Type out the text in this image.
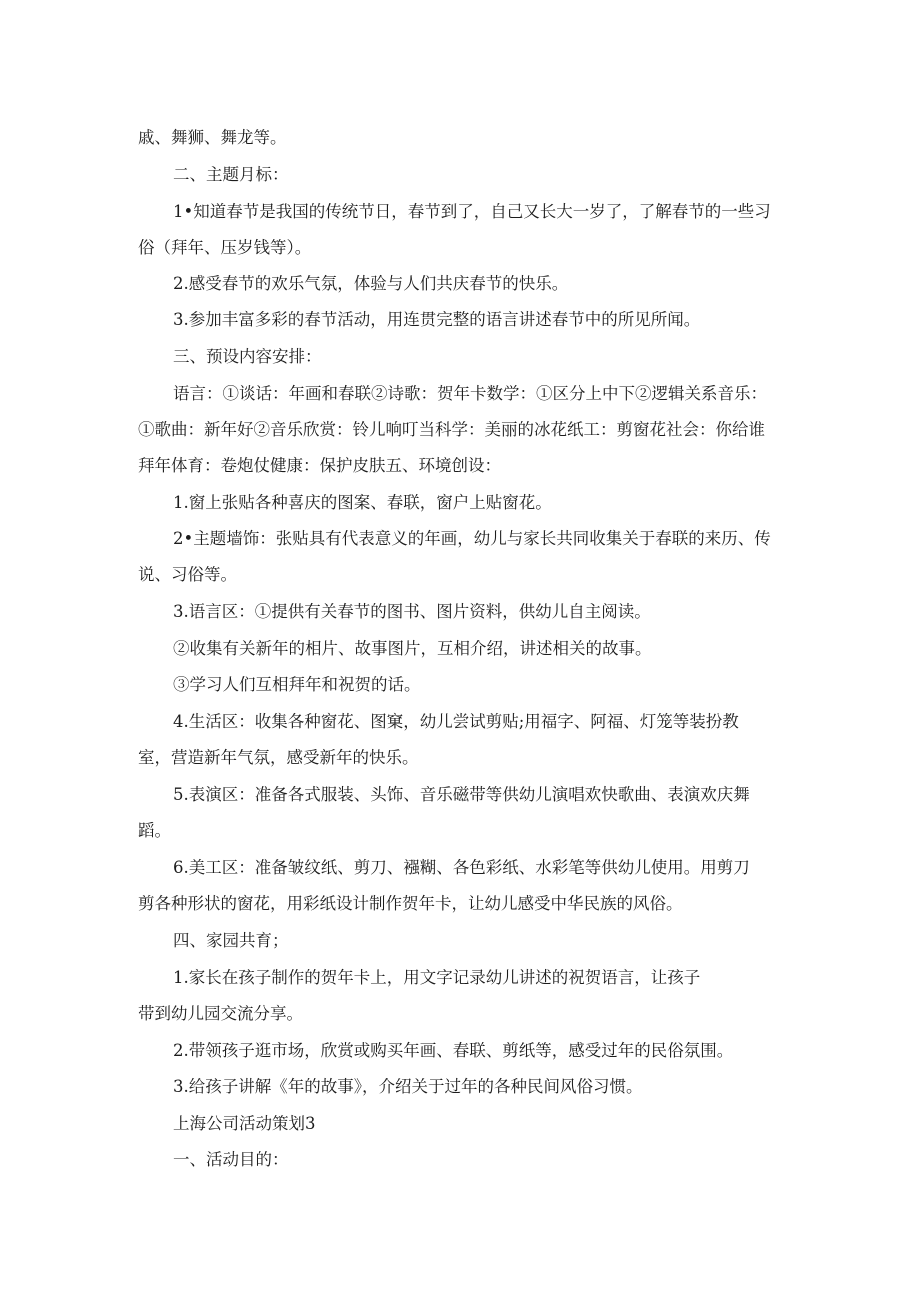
戚、舞狮、舞龙等。
二、主题月标：
1•知道春节是我国的传统节日，春节到了，自己又长大一岁了，了解春节的一些习
俗（拜年、压岁钱等）。
2.感受春节的欢乐气氛，体验与人们共庆春节的快乐。
3.参加丰富多彩的春节活动，用连贯完整的语言讲述春节中的所见所闻。
三、预设内容安排：
语言：①谈话：年画和春联②诗歌：贺年卡数学：①区分上中下②逻辑关系音乐：
①歌曲：新年好②音乐欣赏：铃儿响叮当科学：美丽的冰花纸工：剪窗花社会：你给谁
拜年体育：卷炮仗健康：保护皮肤五、环境创设：
1.窗上张贴各种喜庆的图案、春联，窗户上贴窗花。
2•主题墙饰：张贴具有代表意义的年画，幼儿与家长共同收集关于春联的来历、传
说、习俗等。
3.语言区：①提供有关春节的图书、图片资料，供幼儿自主阅读。
②收集有关新年的相片、故事图片，互相介绍，讲述相关的故事。
③学习人们互相拜年和祝贺的话。
4.生活区：收集各种窗花、图窠，幼儿尝试剪贴;用福字、阿福、灯笼等装扮教
室，营造新年气氛，感受新年的快乐。
5.表演区：准备各式服装、头饰、音乐磁带等供幼儿演唱欢快歌曲、表演欢庆舞
蹈。
6.美工区：准备皱纹纸、剪刀、襁糊、各色彩纸、水彩笔等供幼儿使用。用剪刀
剪各种形状的窗花，用彩纸设计制作贺年卡，让幼儿感受中华民族的风俗。
四、家园共育；
1.家长在孩子制作的贺年卡上，用文字记录幼儿讲述的祝贺语言，让孩子
带到幼儿园交流分享。
2.带领孩子逛市场，欣赏或购买年画、春联、剪纸等，感受过年的民俗氛围。
3.给孩子讲解《年的故事》，介绍关于过年的各种民间风俗习惯。
上海公司活动策划3
一、活动目的：
